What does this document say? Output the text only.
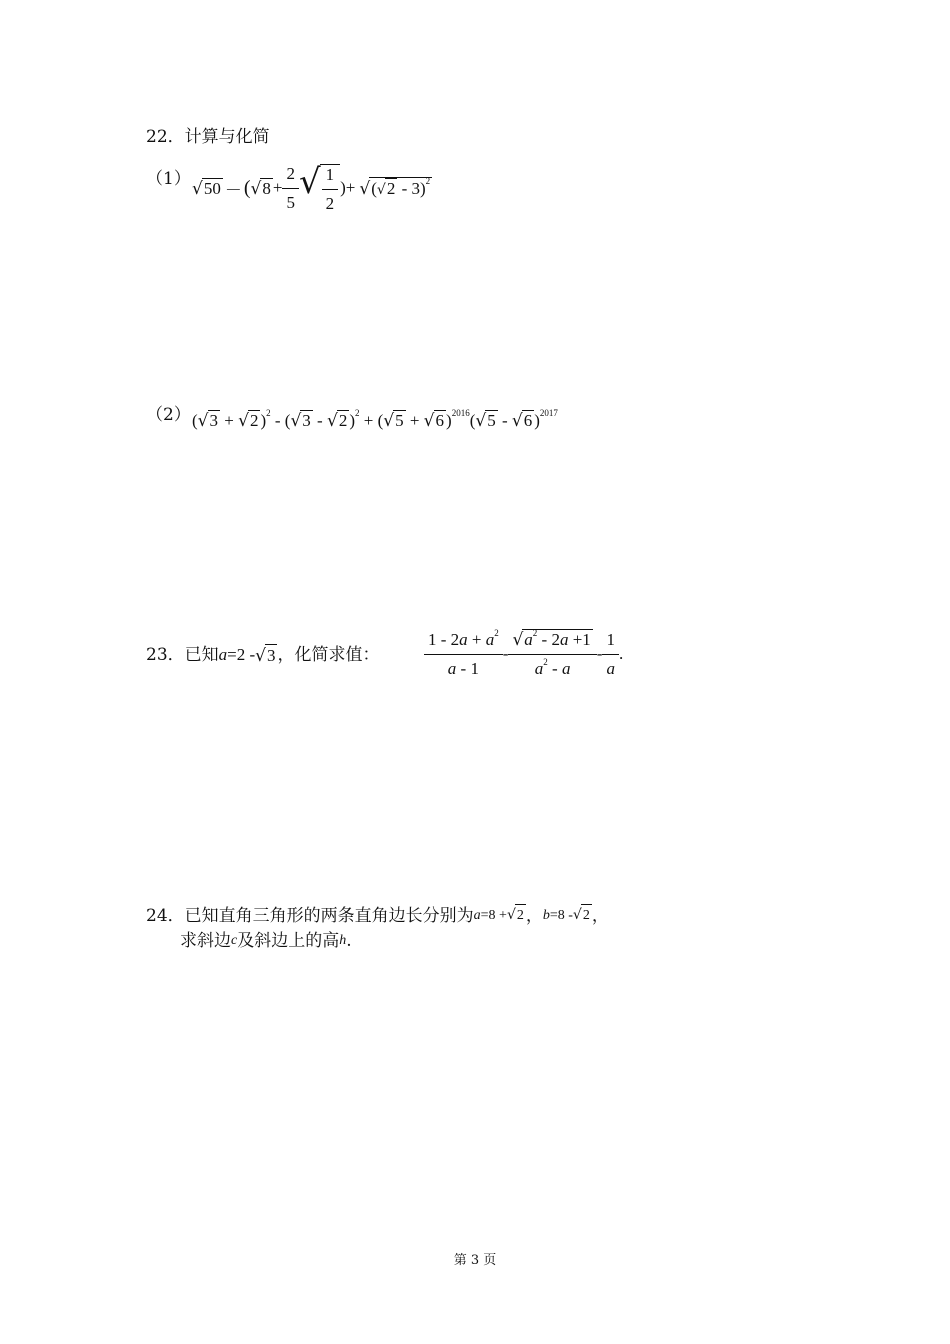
22．计算与化简
（1） √50 － ( $√8 + \frac{2}{5}$ √ $\frac{1}{2}$ )+ √(√2 - 3)$^2$
（2） (√3 + √2 )$^2$ - (√3 - √2 )$^2$ + (√5 + √6 )$^{2016}$(√5 - √6 )$^{2017}$
23．已知 a =2 - √3 ，化简求值：	$\frac{1 - 2a + a^2}{a - 1} - \frac{√a^2 - 2a +1}{a^2 - a} - \frac{1}{a}$ .
24．已知直角三角形的两条直角边长分别为 a =8 + √2 ， b =8 - √2 ，
求斜边 c 及斜边上的高 h .
第 3 页
